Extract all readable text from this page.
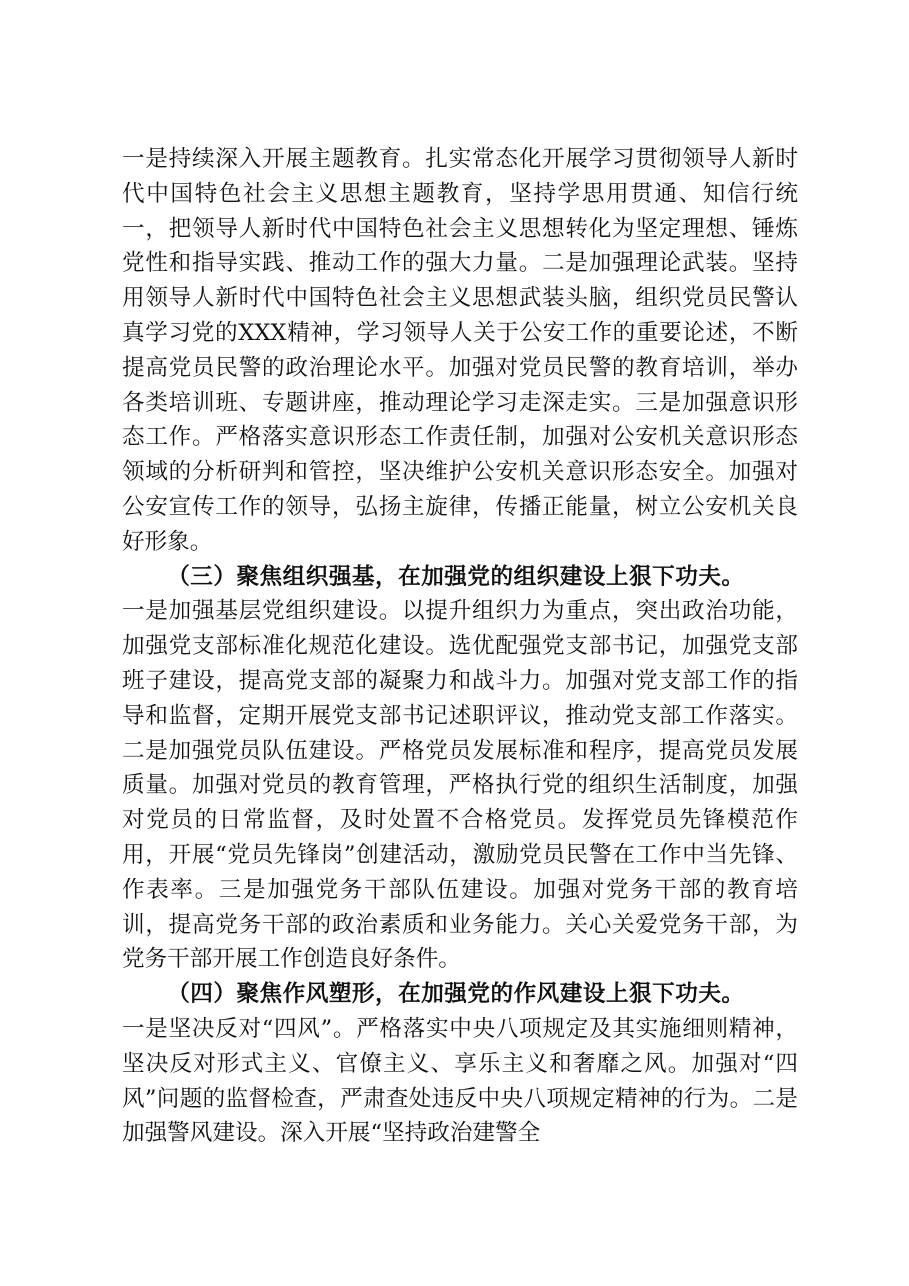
一是持续深入开展主题教育。扎实常态化开展学习贯彻领导人新时代中国特色社会主义思想主题教育，坚持学思用贯通、知信行统一，把领导人新时代中国特色社会主义思想转化为坚定理想、锤炼党性和指导实践、推动工作的强大力量。二是加强理论武装。坚持用领导人新时代中国特色社会主义思想武装头脑，组织党员民警认真学习党的XXX精神，学习领导人关于公安工作的重要论述，不断提高党员民警的政治理论水平。加强对党员民警的教育培训，举办各类培训班、专题讲座，推动理论学习走深走实。三是加强意识形态工作。严格落实意识形态工作责任制，加强对公安机关意识形态领域的分析研判和管控，坚决维护公安机关意识形态安全。加强对公安宣传工作的领导，弘扬主旋律，传播正能量，树立公安机关良好形象。

（三）聚焦组织强基，在加强党的组织建设上狠下功夫。

一是加强基层党组织建设。以提升组织力为重点，突出政治功能，加强党支部标准化规范化建设。选优配强党支部书记，加强党支部班子建设，提高党支部的凝聚力和战斗力。加强对党支部工作的指导和监督，定期开展党支部书记述职评议，推动党支部工作落实。二是加强党员队伍建设。严格党员发展标准和程序，提高党员发展质量。加强对党员的教育管理，严格执行党的组织生活制度，加强对党员的日常监督，及时处置不合格党员。发挥党员先锋模范作用，开展“党员先锋岗”创建活动，激励党员民警在工作中当先锋、作表率。三是加强党务干部队伍建设。加强对党务干部的教育培训，提高党务干部的政治素质和业务能力。关心关爱党务干部，为党务干部开展工作创造良好条件。

（四）聚焦作风塑形，在加强党的作风建设上狠下功夫。

一是坚决反对“四风”。严格落实中央八项规定及其实施细则精神，坚决反对形式主义、官僚主义、享乐主义和奢靡之风。加强对“四风”问题的监督检查，严肃查处违反中央八项规定精神的行为。二是加强警风建设。深入开展“坚持政治建警全
